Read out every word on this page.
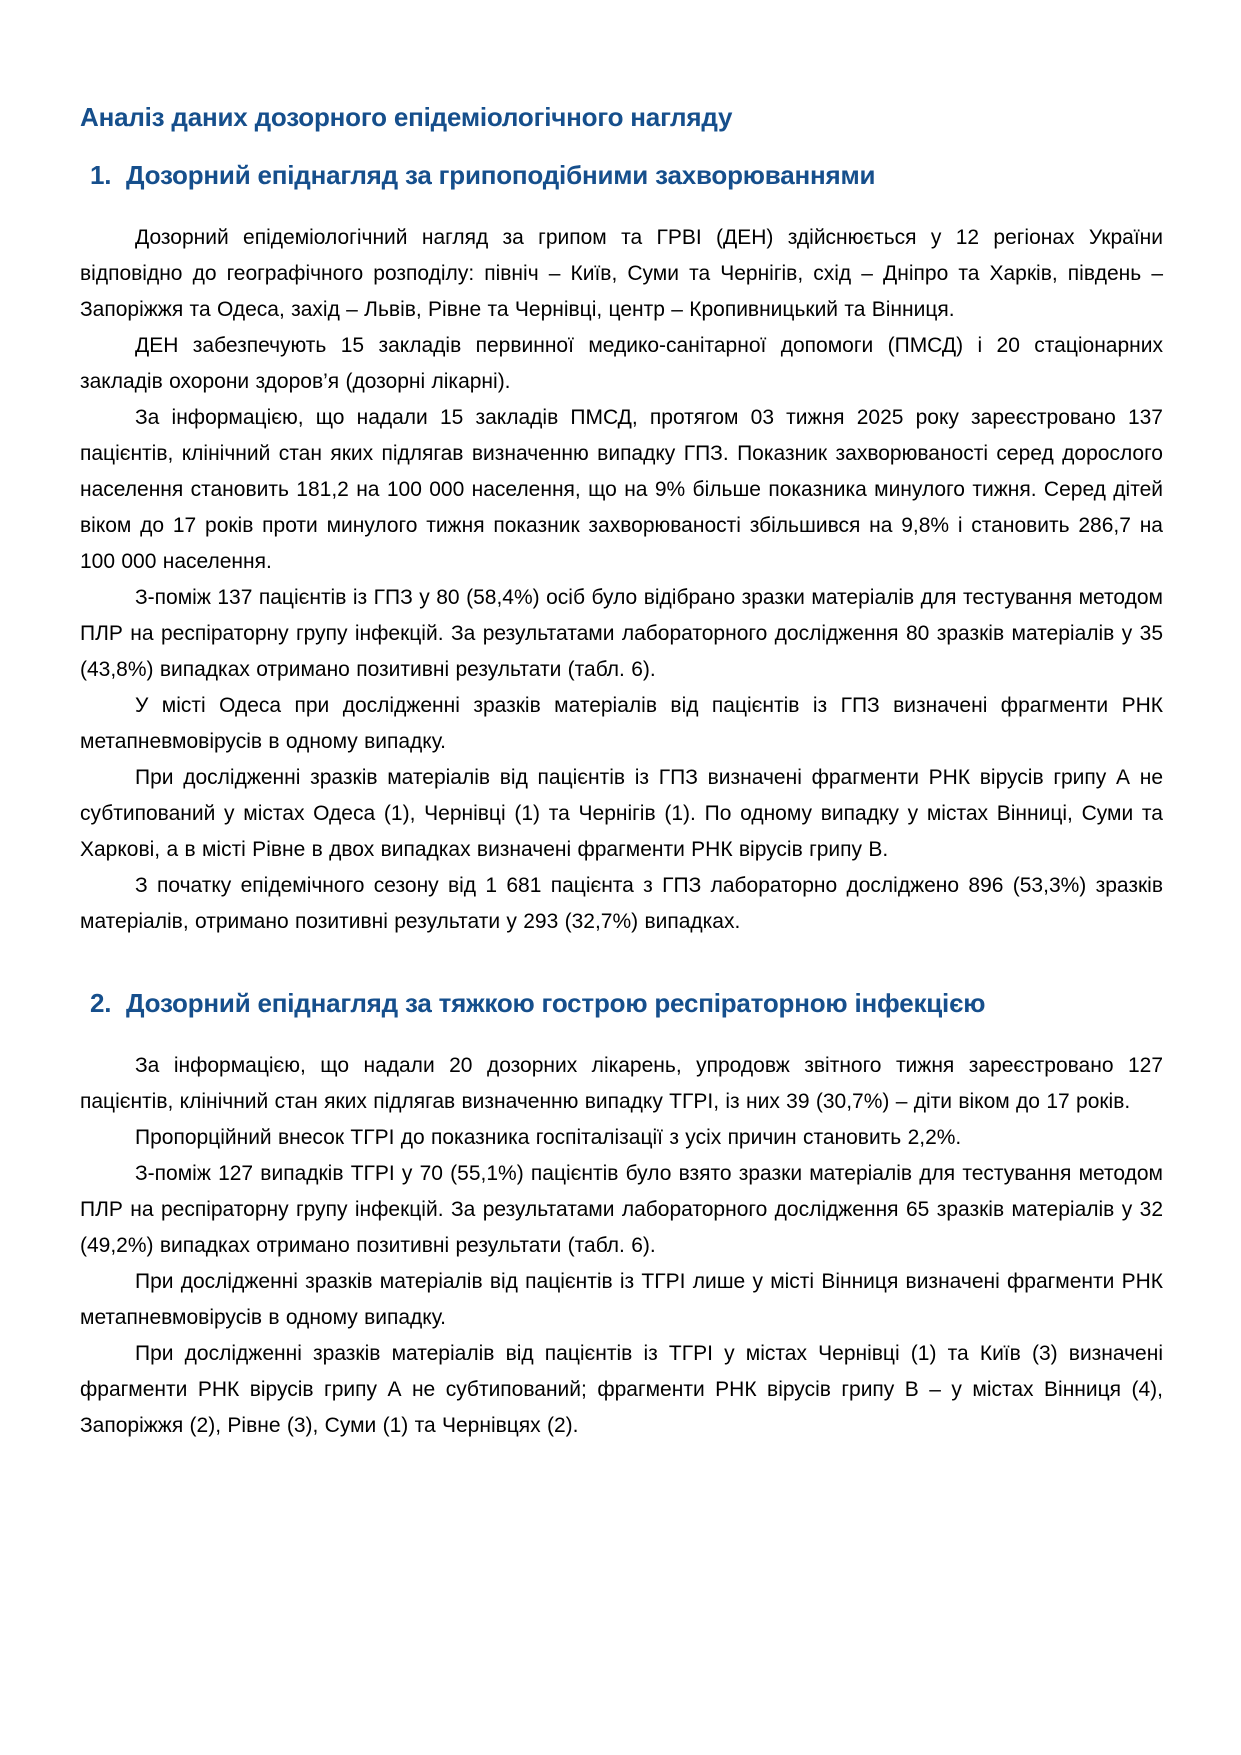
Аналіз даних дозорного епідеміологічного нагляду
1. Дозорний епіднагляд за грипоподібними захворюваннями

Дозорний епідеміологічний нагляд за грипом та ГРВІ (ДЕН) здійснюється у 12 регіонах України відповідно до географічного розподілу: північ – Київ, Суми та Чернігів, схід – Дніпро та Харків, південь – Запоріжжя та Одеса, захід – Львів, Рівне та Чернівці, центр – Кропивницький та Вінниця.

ДЕН забезпечують 15 закладів первинної медико-санітарної допомоги (ПМСД) і 20 стаціонарних закладів охорони здоров’я (дозорні лікарні).

За інформацією, що надали 15 закладів ПМСД, протягом 03 тижня 2025 року зареєстровано 137 пацієнтів, клінічний стан яких підлягав визначенню випадку ГПЗ. Показник захворюваності серед дорослого населення становить 181,2 на 100 000 населення, що на 9% більше показника минулого тижня. Серед дітей віком до 17 років проти минулого тижня показник захворюваності збільшився на 9,8% і становить 286,7 на 100 000 населення.

З-поміж 137 пацієнтів із ГПЗ у 80 (58,4%) осіб було відібрано зразки матеріалів для тестування методом ПЛР на респіраторну групу інфекцій. За результатами лабораторного дослідження 80 зразків матеріалів у 35 (43,8%) випадках отримано позитивні результати (табл. 6).

У місті Одеса при дослідженні зразків матеріалів від пацієнтів із ГПЗ визначені фрагменти РНК метапневмовірусів в одному випадку.

При дослідженні зразків матеріалів від пацієнтів із ГПЗ визначені фрагменти РНК вірусів грипу А не субтипований у містах Одеса (1), Чернівці (1) та Чернігів (1). По одному випадку у містах Вінниці, Суми та Харкові, а в місті Рівне в двох випадках визначені фрагменти РНК вірусів грипу В.

З початку епідемічного сезону від 1 681 пацієнта з ГПЗ лабораторно досліджено 896 (53,3%) зразків матеріалів, отримано позитивні результати у 293 (32,7%) випадках.

2. Дозорний епіднагляд за тяжкою гострою респіраторною інфекцією

За інформацією, що надали 20 дозорних лікарень, упродовж звітного тижня зареєстровано 127 пацієнтів, клінічний стан яких підлягав визначенню випадку ТГРІ, із них 39 (30,7%) – діти віком до 17 років.

Пропорційний внесок ТГРІ до показника госпіталізації з усіх причин становить 2,2%.

З-поміж 127 випадків ТГРІ у 70 (55,1%) пацієнтів було взято зразки матеріалів для тестування методом ПЛР на респіраторну групу інфекцій. За результатами лабораторного дослідження 65 зразків матеріалів у 32 (49,2%) випадках отримано позитивні результати (табл. 6).

При дослідженні зразків матеріалів від пацієнтів із ТГРІ лише у місті Вінниця визначені фрагменти РНК метапневмовірусів в одному випадку.

При дослідженні зразків матеріалів від пацієнтів із ТГРІ у містах Чернівці (1) та Київ (3) визначені фрагменти РНК вірусів грипу А не субтипований; фрагменти РНК вірусів грипу В – у містах Вінниця (4), Запоріжжя (2), Рівне (3), Суми (1) та Чернівцях (2).
